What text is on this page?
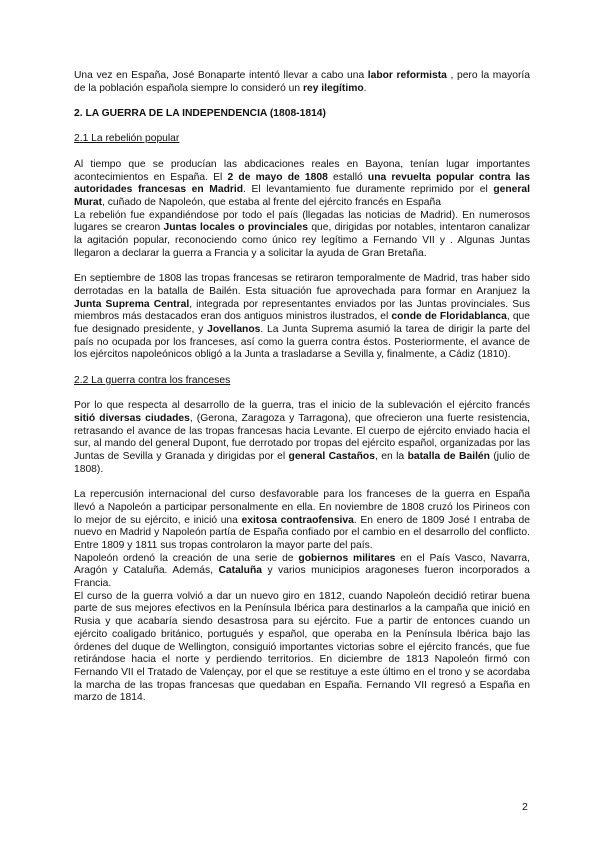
Una vez en España, José Bonaparte intentó llevar a cabo una labor reformista , pero la mayoría de la población española siempre lo consideró un rey ilegítimo.

2. LA GUERRA DE LA INDEPENDENCIA (1808-1814)

2.1 La rebelión popular

Al tiempo que se producían las abdicaciones reales en Bayona, tenían lugar importantes acontecimientos en España. El 2 de mayo de 1808 estalló una revuelta popular contra las autoridades francesas en Madrid. El levantamiento fue duramente reprimido por el general Murat, cuñado de Napoleón, que estaba al frente del ejército francés en España

La rebelión fue expandiéndose por todo el país (llegadas las noticias de Madrid). En numerosos lugares se crearon Juntas locales o provinciales que, dirigidas por notables, intentaron canalizar la agitación popular, reconociendo como único rey legítimo a Fernando VII y . Algunas Juntas llegaron a declarar la guerra a Francia y a solicitar la ayuda de Gran Bretaña.

En septiembre de 1808 las tropas francesas se retiraron temporalmente de Madrid, tras haber sido derrotadas en la batalla de Bailén. Esta situación fue aprovechada para formar en Aranjuez la Junta Suprema Central, integrada por representantes enviados por las Juntas provinciales. Sus miembros más destacados eran dos antiguos ministros ilustrados, el conde de Floridablanca, que fue designado presidente, y Jovellanos. La Junta Suprema asumió la tarea de dirigir la parte del país no ocupada por los franceses, así como la guerra contra éstos. Posteriormente, el avance de los ejércitos napoleónicos obligó a la Junta a trasladarse a Sevilla y, finalmente, a Cádiz (1810).

2.2 La guerra contra los franceses

Por lo que respecta al desarrollo de la guerra, tras el inicio de la sublevación el ejército francés sitió diversas ciudades, (Gerona, Zaragoza y Tarragona), que ofrecieron una fuerte resistencia, retrasando el avance de las tropas francesas hacia Levante. El cuerpo de ejército enviado hacia el sur, al mando del general Dupont, fue derrotado por tropas del ejército español, organizadas por las Juntas de Sevilla y Granada y dirigidas por el general Castaños, en la batalla de Bailén (julio de 1808).

La repercusión internacional del curso desfavorable para los franceses de la guerra en España llevó a Napoleón a participar personalmente en ella. En noviembre de 1808 cruzó los Pirineos con lo mejor de su ejército, e inició una exitosa contraofensiva. En enero de 1809 José I entraba de nuevo en Madrid y Napoleón partía de España confiado por el cambio en el desarrollo del conflicto. Entre 1809 y 1811 sus tropas controlaron la mayor parte del país.

Napoleón ordenó la creación de una serie de gobiernos militares en el País Vasco, Navarra, Aragón y Cataluña. Además, Cataluña y varios municipios aragoneses fueron incorporados a Francia.

El curso de la guerra volvió a dar un nuevo giro en 1812, cuando Napoleón decidió retirar buena parte de sus mejores efectivos en la Península Ibérica para destinarlos a la campaña que inició en Rusia y que acabaría siendo desastrosa para su ejército. Fue a partir de entonces cuando un ejército coaligado británico, portugués y español, que operaba en la Península Ibérica bajo las órdenes del duque de Wellington, consiguió importantes victorias sobre el ejército francés, que fue retirándose hacia el norte y perdiendo territorios. En diciembre de 1813 Napoleón firmó con Fernando VII el Tratado de Valençay, por el que se restituye a este último en el trono y se acordaba la marcha de las tropas francesas que quedaban en España. Fernando VII regresó a España en marzo de 1814.

2
